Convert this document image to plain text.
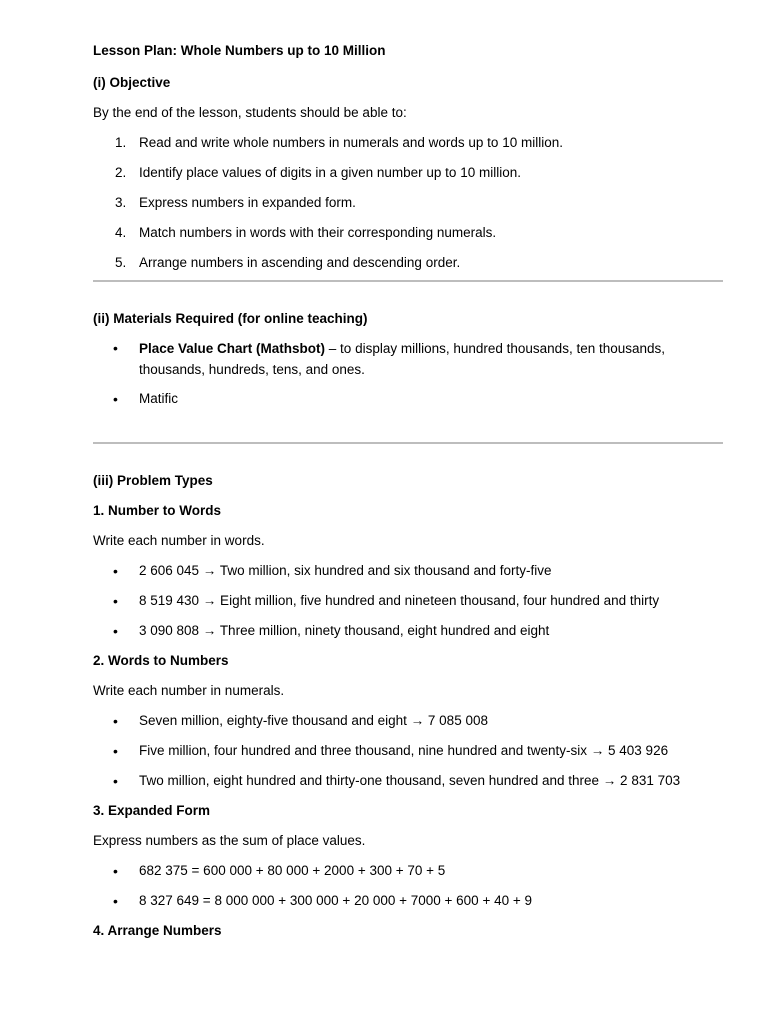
Lesson Plan: Whole Numbers up to 10 Million

(i) Objective

By the end of the lesson, students should be able to:

1. Read and write whole numbers in numerals and words up to 10 million.
2. Identify place values of digits in a given number up to 10 million.
3. Express numbers in expanded form.
4. Match numbers in words with their corresponding numerals.
5. Arrange numbers in ascending and descending order.

(ii) Materials Required (for online teaching)

• Place Value Chart (Mathsbot) – to display millions, hundred thousands, ten thousands, thousands, hundreds, tens, and ones.
• Matific

(iii) Problem Types

1. Number to Words

Write each number in words.

• 2 606 045 → Two million, six hundred and six thousand and forty-five
• 8 519 430 → Eight million, five hundred and nineteen thousand, four hundred and thirty
• 3 090 808 → Three million, ninety thousand, eight hundred and eight

2. Words to Numbers

Write each number in numerals.

• Seven million, eighty-five thousand and eight → 7 085 008
• Five million, four hundred and three thousand, nine hundred and twenty-six → 5 403 926
• Two million, eight hundred and thirty-one thousand, seven hundred and three → 2 831 703

3. Expanded Form

Express numbers as the sum of place values.

• 682 375 = 600 000 + 80 000 + 2000 + 300 + 70 + 5
• 8 327 649 = 8 000 000 + 300 000 + 20 000 + 7000 + 600 + 40 + 9

4. Arrange Numbers
